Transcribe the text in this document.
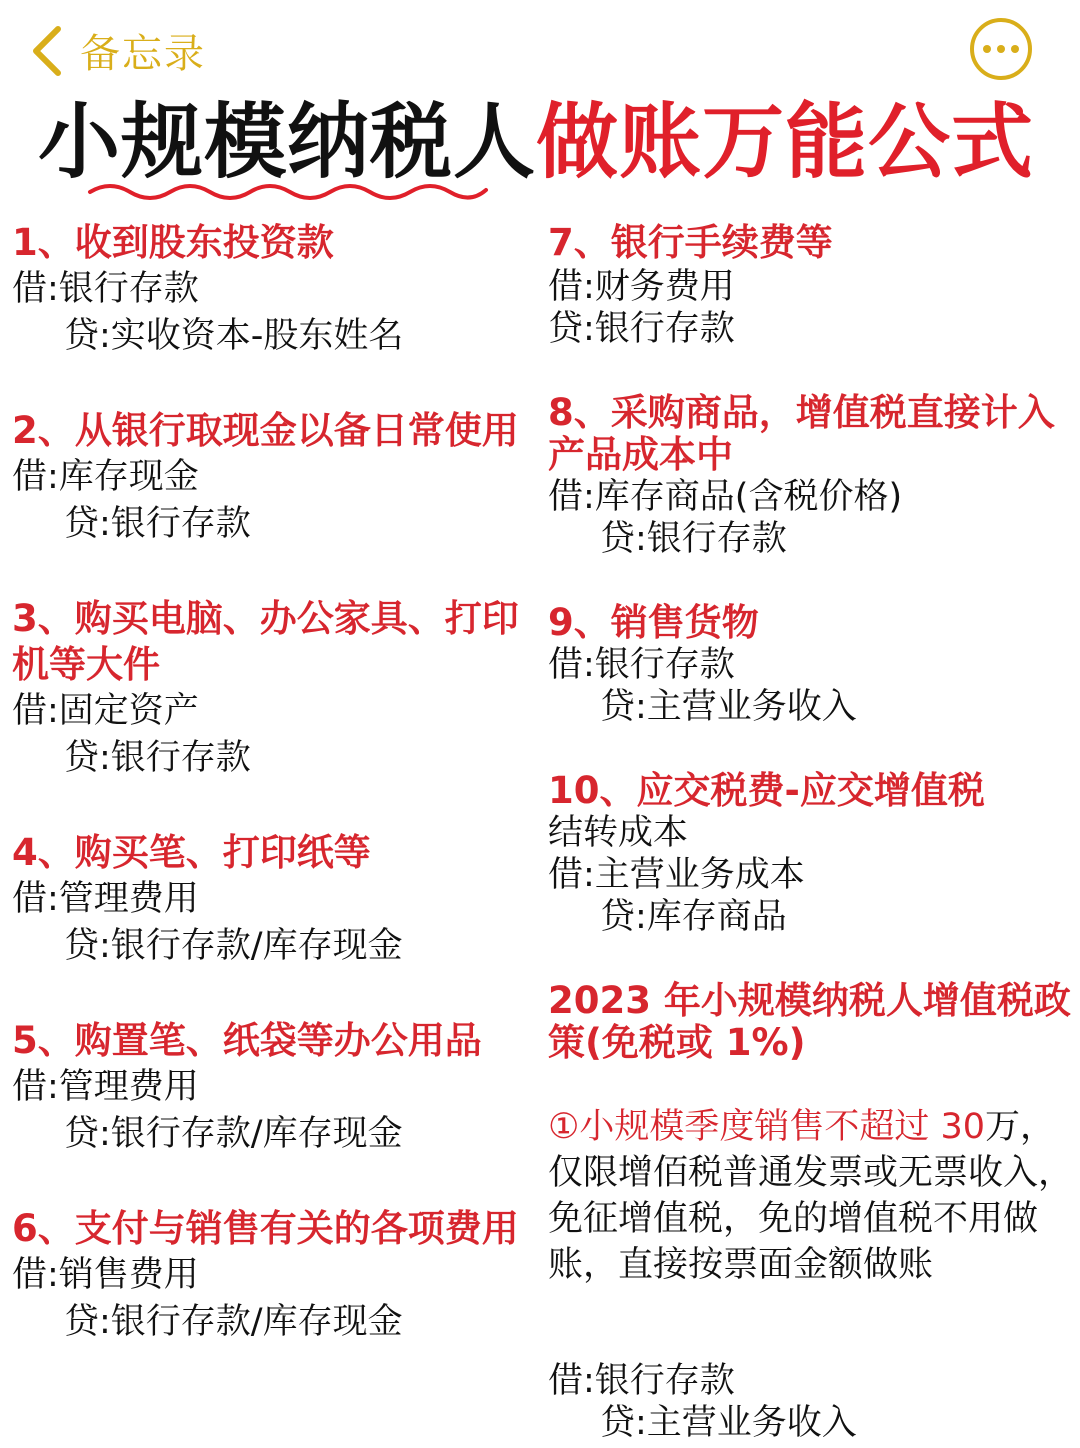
备忘录
小规模纳税人做账万能公式

1、收到股东投资款

借:银行存款

贷:实收资本-股东姓名

2、从银行取现金以备日常使用

借:库存现金

贷:银行存款

3、购买电脑、办公家具、打印机等大件

借:固定资产

贷:银行存款

4、购买笔、打印纸等

借:管理费用

贷:银行存款/库存现金

5、购置笔、纸袋等办公用品

借:管理费用

贷:银行存款/库存现金

6、支付与销售有关的各项费用

借:销售费用

贷:银行存款/库存现金

7、银行手续费等

借:财务费用

贷:银行存款

8、采购商品，增值税直接计入产品成本中

借:库存商品(含税价格)

贷:银行存款

9、销售货物

借:银行存款

贷:主营业务收入

10、应交税费-应交增值税

结转成本

借:主营业务成本

贷:库存商品

2023 年小规模纳税人增值税政策(免税或 1%)

①小规模季度销售不超过 30万，仅限增佰税普通发票或无票收入，免征增值税，免的增值税不用做账，直接按票面金额做账

借:银行存款

贷:主营业务收入
